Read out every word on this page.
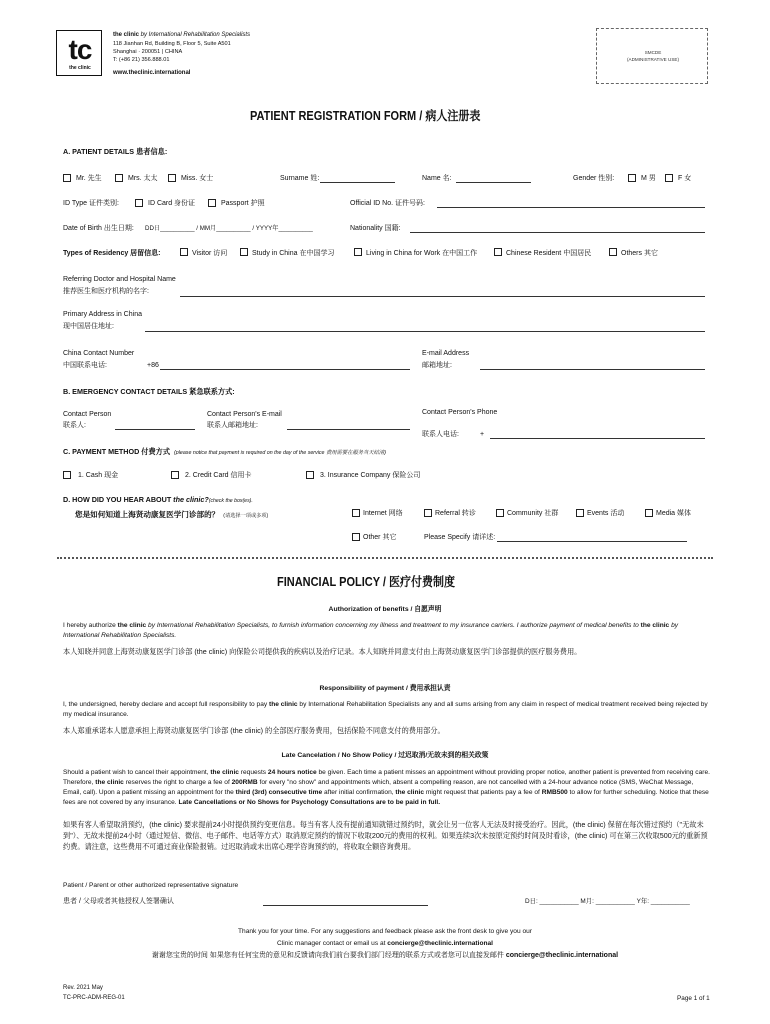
tc
the clinic
the clinic by International Rehabilitation Specialists
118 Jianhan Rd, Building B, Floor 5, Suite A501
Shanghai · 200051 | CHINA
T: (+86 21) 356.888.01
www.theclinic.international
SMCDE
(ADMINISTRATIVE USE)
PATIENT REGISTRATION FORM / 病人注册表
A. PATIENT DETAILS 患者信息:
Mr. 先生	Mrs. 太太	Miss. 女士	Surname 姓:	Name 名:	Gender 性别:	M 男	F 女
ID Type 证件类别:	ID Card 身份证	Passport 护照	Official ID No. 证件号码:
Date of Birth 出生日期: DD日__________ / MM月__________ / YYYY年__________	Nationality 国籍:
Types of Residency 居留信息:	Visitor 访问	Study in China 在中国学习	Living in China for Work 在中国工作	Chinese Resident 中国居民	Others 其它
Referring Doctor and Hospital Name
推荐医生和医疗机构的名字:
Primary Address in China
现中国居住地址:
China Contact Number
中国联系电话:	+86
E-mail Address
邮箱地址:
B. EMERGENCY CONTACT DETAILS 紧急联系方式:
Contact Person
联系人:
Contact Person's E-mail
联系人邮箱地址:
Contact Person's Phone
联系人电话:	+
C. PAYMENT METHOD 付费方式 (please notice that payment is required on the day of the service 费用需要在服务当天结清)
1. Cash 现金	2. Credit Card 信用卡	3. Insurance Company 保险公司
D. HOW DID YOU HEAR ABOUT the clinic?(check the box(es).
您是如何知道上海贤动康复医学门诊部的？ (请选择一项或多项)	Internet 网络	Referral 转诊	Community 社群	Events 活动	Media 媒体
Other 其它	Please Specify 请详述:
FINANCIAL POLICY / 医疗付费制度
Authorization of benefits / 自愿声明
I hereby authorize the clinic by International Rehabilitation Specialists, to furnish information concerning my illness and treatment to my insurance carriers. I authorize payment of medical benefits to the clinic by International Rehabilitation Specialists.
本人知晓并同意上海贤动康复医学门诊部 (the clinic) 向保险公司提供我的疾病以及治疗记录。本人知晓并同意支付由上海贤动康复医学门诊部提供的医疗服务费用。
Responsibility of payment / 费用承担认责
I, the undersigned, hereby declare and accept full responsibility to pay the clinic by International Rehabilitation Specialists any and all sums arising from any claim in respect of medical treatment received being rejected by my medical insurance.
本人郑重承诺本人愿意承担上海贤动康复医学门诊部 (the clinic) 的全部医疗服务费用，包括保险不同意支付的费用部分。
Late Cancelation / No Show Policy / 过迟取消/无故未到的相关政策
Should a patient wish to cancel their appointment, the clinic requests 24 hours notice be given. Each time a patient misses an appointment without providing proper notice, another patient is prevented from receiving care. Therefore, the clinic reserves the right to charge a fee of 200RMB for every "no show" and appointments which, absent a compelling reason, are not cancelled with a 24-hour advance notice (SMS, WeChat Message, Email, call). Upon a patient missing an appointment for the third (3rd) consecutive time after initial confirmation, the clinic might request that patients pay a fee of RMB500 to allow for further scheduling. Notice that these fees are not covered by any insurance. Late Cancellations or No Shows for Psychology Consultations are to be paid in full.
如果有客人希望取消预约，(the clinic) 要求提前24小时提供预约变更信息。每当有客人没有提前通知就错过预约时，就会让另一位客人无法及时接受治疗。因此，(the clinic) 保留在每次错过预约（"无故未到"）、无故未提前24小时（通过短信、微信、电子邮件、电话等方式）取消原定预约的情况下收取200元的费用的权利。如果连续3次未按原定预约时间及时看诊，(the clinic) 可在第三次收取500元的重新预约费。请注意，这些费用不可通过商业保险报销。过迟取消或未出席心理学咨询预约的，将收取全额咨询费用。
Patient / Parent or other authorized representative signature
患者 / 父母或者其他授权人签署确认	D日: ___________ M月: ___________ Y年: ___________
Thank you for your time. For any suggestions and feedback please ask the front desk to give you our
Clinic manager contact or email us at concierge@theclinic.international
谢谢您宝贵的时间 如果您有任何宝贵的意见和反馈请向我们前台要我们部门经理的联系方式或者您可以直接发邮件 concierge@theclinic.international
Rev. 2021 May
TC-PRC-ADM-REG-01	Page 1 of 1
